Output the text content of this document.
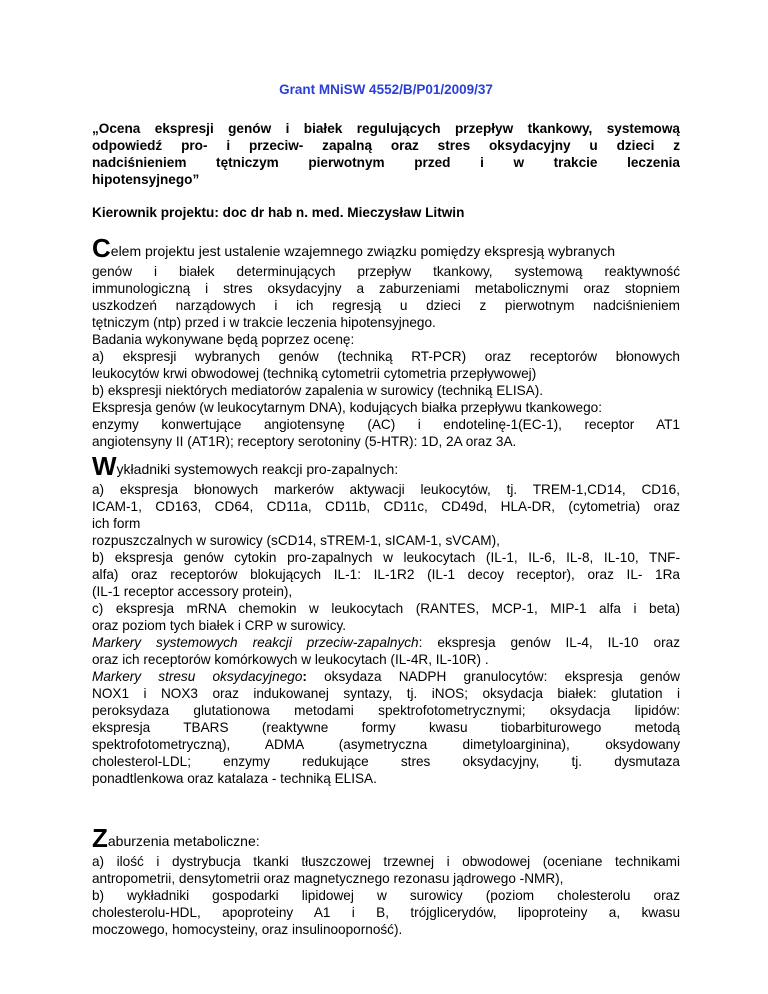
Grant MNiSW 4552/B/P01/2009/37
„Ocena ekspresji genów i białek regulujących przepływ tkankowy, systemową
odpowiedź pro- i przeciw- zapalną oraz stres oksydacyjny u dzieci z
nadciśnieniem tętniczym pierwotnym przed i w trakcie leczenia
hipotensyjnego”
Kierownik projektu: doc dr hab n. med. Mieczysław Litwin

Celem projektu jest ustalenie wzajemnego związku pomiędzy ekspresją wybranych

genów i białek determinujących przepływ tkankowy, systemową reaktywność

immunologiczną i stres oksydacyjny a zaburzeniami metabolicznymi oraz stopniem

uszkodzeń narządowych i ich regresją u dzieci z pierwotnym nadciśnieniem

tętniczym (ntp) przed i w trakcie leczenia hipotensyjnego.

Badania wykonywane będą poprzez ocenę:

a) ekspresji wybranych genów (techniką RT-PCR) oraz receptorów błonowych

leukocytów krwi obwodowej (techniką cytometrii cytometria przepływowej)

b) ekspresji niektórych mediatorów zapalenia w surowicy (techniką ELISA).

Ekspresja genów (w leukocytarnym DNA), kodujących białka przepływu tkankowego:

enzymy konwertujące angiotensynę (AC) i endotelinę-1(EC-1), receptor AT1

angiotensyny II (AT1R); receptory serotoniny (5-HTR): 1D, 2A oraz 3A.

Wykładniki systemowych reakcji pro-zapalnych:

a) ekspresja błonowych markerów aktywacji leukocytów, tj. TREM-1,CD14, CD16,

ICAM-1, CD163, CD64, CD11a, CD11b, CD11c, CD49d, HLA-DR, (cytometria) oraz

ich form

rozpuszczalnych w surowicy (sCD14, sTREM-1, sICAM-1, sVCAM),

b) ekspresja genów cytokin pro-zapalnych w leukocytach (IL-1, IL-6, IL-8, IL-10, TNF-

alfa) oraz receptorów blokujących IL-1: IL-1R2 (IL-1 decoy receptor), oraz IL- 1Ra

(IL-1 receptor accessory protein),

c) ekspresja mRNA chemokin w leukocytach (RANTES, MCP-1, MIP-1 alfa i beta)

oraz poziom tych białek i CRP w surowicy.

Markery systemowych reakcji przeciw-zapalnych: ekspresja genów IL-4, IL-10 oraz

oraz ich receptorów komórkowych w leukocytach (IL-4R, IL-10R) .

Markery stresu oksydacyjnego: oksydaza NADPH granulocytów: ekspresja genów

NOX1 i NOX3 oraz indukowanej syntazy, tj. iNOS; oksydacja białek: glutation i

peroksydaza glutationowa metodami spektrofotometrycznymi; oksydacja lipidów:

ekspresja TBARS (reaktywne formy kwasu tiobarbiturowego metodą

spektrofotometryczną), ADMA (asymetryczna dimetyloarginina), oksydowany

cholesterol-LDL; enzymy redukujące stres oksydacyjny, tj. dysmutaza

ponadtlenkowa oraz katalaza - techniką ELISA.

Zaburzenia metaboliczne:

a) ilość i dystrybucja tkanki tłuszczowej trzewnej i obwodowej (oceniane technikami

antropometrii, densytometrii oraz magnetycznego rezonasu jądrowego -NMR),

b) wykładniki gospodarki lipidowej w surowicy (poziom cholesterolu oraz

cholesterolu-HDL, apoproteiny A1 i B, trójglicerydów, lipoproteiny a, kwasu

moczowego, homocysteiny, oraz insulinooporność).
